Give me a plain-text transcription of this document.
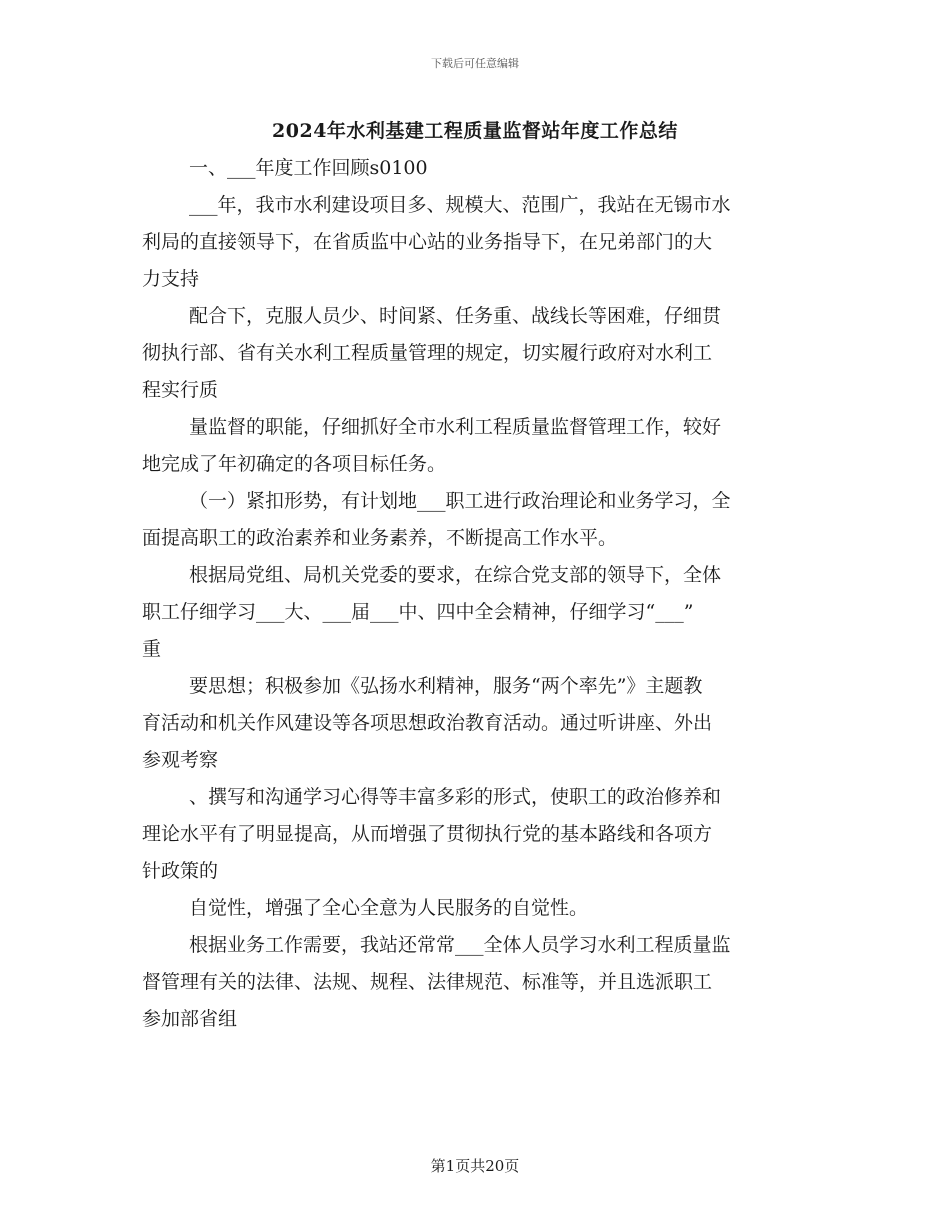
下载后可任意编辑
2024年水利基建工程质量监督站年度工作总结
一、___年度工作回顾s0100
___年，我市水利建设项目多、规模大、范围广，我站在无锡市水
利局的直接领导下，在省质监中心站的业务指导下，在兄弟部门的大
力支持
配合下，克服人员少、时间紧、任务重、战线长等困难，仔细贯
彻执行部、省有关水利工程质量管理的规定，切实履行政府对水利工
程实行质
量监督的职能，仔细抓好全市水利工程质量监督管理工作，较好
地完成了年初确定的各项目标任务。
（一）紧扣形势，有计划地___职工进行政治理论和业务学习，全
面提高职工的政治素养和业务素养，不断提高工作水平。
根据局党组、局机关党委的要求，在综合党支部的领导下，全体
职工仔细学习___大、___届___中、四中全会精神，仔细学习“___”
重
要思想；积极参加《弘扬水利精神，服务“两个率先”》主题教
育活动和机关作风建设等各项思想政治教育活动。通过听讲座、外出
参观考察
、撰写和沟通学习心得等丰富多彩的形式，使职工的政治修养和
理论水平有了明显提高，从而增强了贯彻执行党的基本路线和各项方
针政策的
自觉性，增强了全心全意为人民服务的自觉性。
根据业务工作需要，我站还常常___全体人员学习水利工程质量监
督管理有关的法律、法规、规程、法律规范、标准等，并且选派职工
参加部省组
第1页共20页
